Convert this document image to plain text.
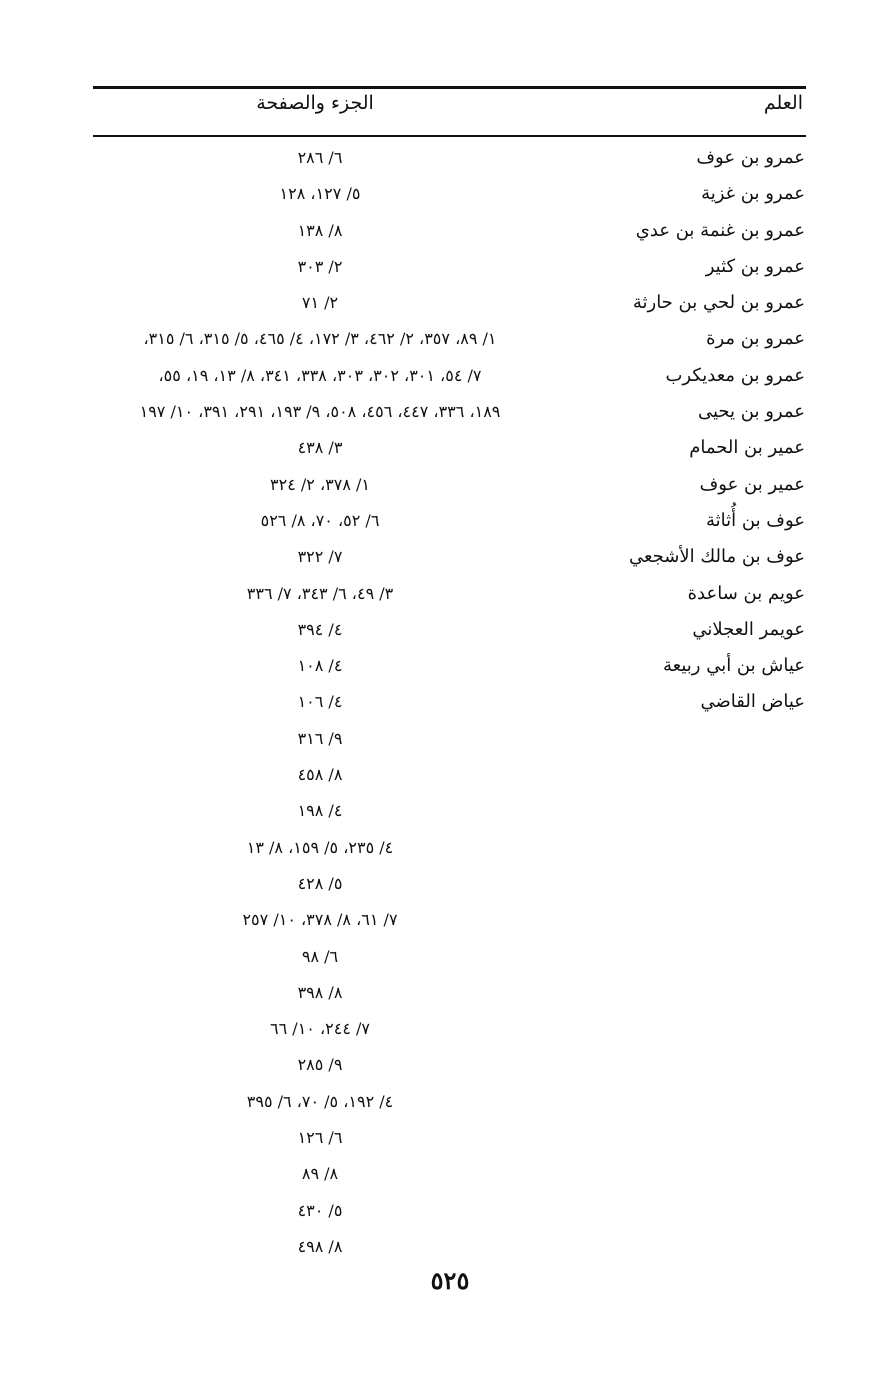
العلم
الجزء والصفحة
عمرو بن عوف
عمرو بن غزية
عمرو بن غنمة بن عدي
عمرو بن كثير
عمرو بن لحي بن حارثة
عمرو بن مرة
عمرو بن معديكرب
عمرو بن يحيى
عمير بن الحمام
عمير بن عوف
عوف بن أُثاثة
عوف بن مالك الأشجعي
عويم بن ساعدة
عويمر العجلاني
عياش بن أبي ربيعة
عياض القاضي
٦/ ٢٨٦
٥/ ١٢٧، ١٢٨
٨/ ١٣٨
٢/ ٣٠٣
٢/ ٧١
١/ ٨٩، ٣٥٧، ٢/ ٤٦٢، ٣/ ١٧٢، ٤/ ٤٦٥، ٥/ ٣١٥، ٦/ ٣١٥،
٧/ ٥٤، ٣٠١، ٣٠٢، ٣٠٣، ٣٣٨، ٣٤١، ٨/ ١٣، ١٩، ٥٥،
١٨٩، ٣٣٦، ٤٤٧، ٤٥٦، ٥٠٨، ٩/ ١٩٣، ٢٩١، ٣٩١، ١٠/ ١٩٧
٣/ ٤٣٨
١/ ٣٧٨، ٢/ ٣٢٤
٦/ ٥٢، ٧٠، ٨/ ٥٢٦
٧/ ٣٢٢
٣/ ٤٩، ٦/ ٣٤٣، ٧/ ٣٣٦
٤/ ٣٩٤
٤/ ١٠٨
٤/ ١٠٦
٩/ ٣١٦
٨/ ٤٥٨
٤/ ١٩٨
٤/ ٢٣٥، ٥/ ١٥٩، ٨/ ١٣
٥/ ٤٢٨
٧/ ٦١، ٨/ ٣٧٨، ١٠/ ٢٥٧
٦/ ٩٨
٨/ ٣٩٨
٧/ ٢٤٤، ١٠/ ٦٦
٩/ ٢٨٥
٤/ ١٩٢، ٥/ ٧٠، ٦/ ٣٩٥
٦/ ١٢٦
٨/ ٨٩
٥/ ٤٣٠
٨/ ٤٩٨
٥٢٥
